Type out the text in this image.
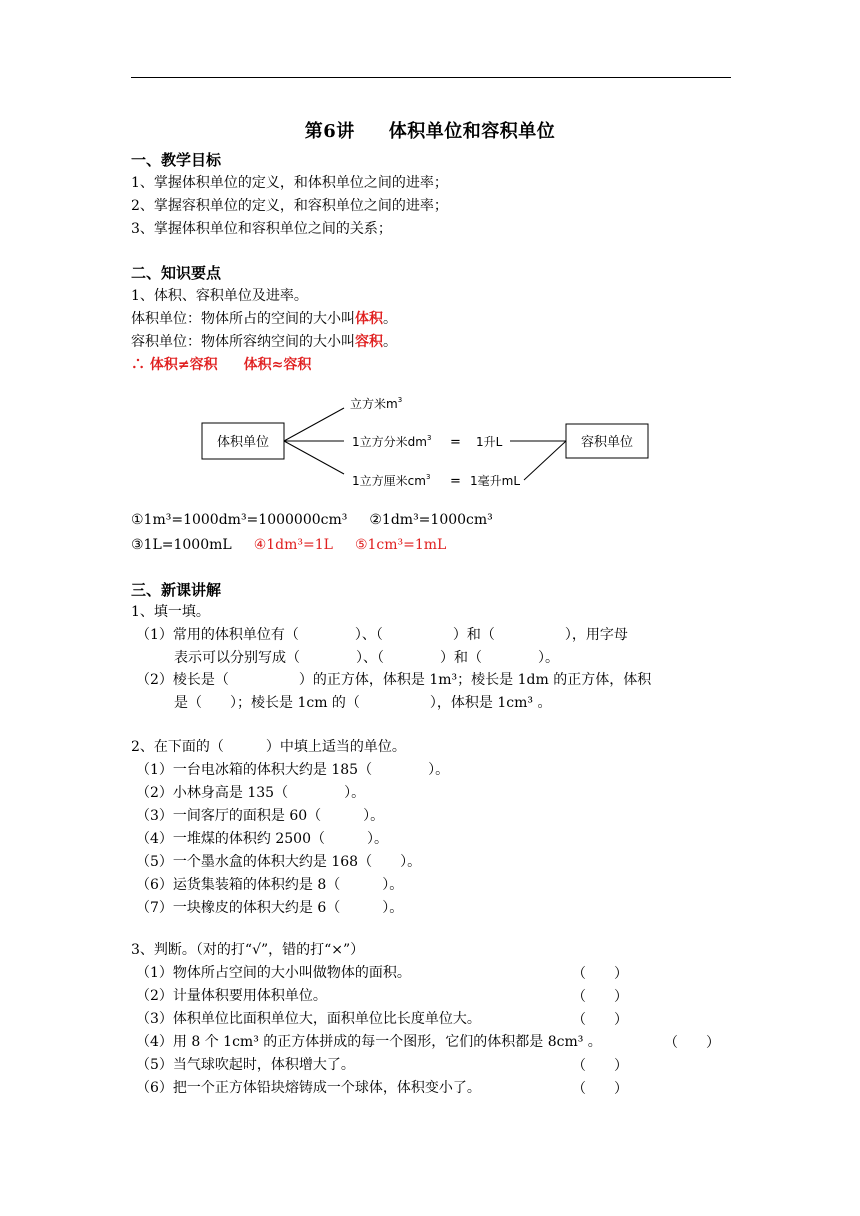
第6讲 体积单位和容积单位
一、教学目标
1、掌握体积单位的定义，和体积单位之间的进率；
2、掌握容积单位的定义，和容积单位之间的进率；
3、掌握体积单位和容积单位之间的关系；
二、知识要点
1、体积、容积单位及进率。
体积单位：物体所占的空间的大小叫体积。
容积单位：物体所容纳空间的大小叫容积。
∴ 体积≠容积 体积≈容积
体积单位
立方米$m^3$
1立方分米$dm^3 = 1$升L
1立方厘米$cm^3 = 1$毫升mL
容积单位
①1m³=1000dm³=1000000cm³ ②1dm³=1000cm³
③1L=1000mL ④1dm³=1L ⑤1cm³=1mL
三、新课讲解
1、填一填。
（1）常用的体积单位有（　　　　）、（　　　　　）和（　　　　　），用字母
表示可以分别写成（　　　　）、（　　　　）和（　　　　）。
（2）棱长是（　　　　　）的正方体，体积是 1m³；棱长是 1dm 的正方体，体积
是（　　）；棱长是 1cm 的（　　　　　），体积是 1cm³ 。
2、在下面的（　　　）中填上适当的单位。
（1）一台电冰箱的体积大约是 185（　　　　）。
（2）小林身高是 135（　　　　）。
（3）一间客厅的面积是 60（　　　）。
（4）一堆煤的体积约 2500（　　　）。
（5）一个墨水盒的体积大约是 168（　　）。
（6）运货集装箱的体积约是 8（　　　）。
（7）一块橡皮的体积大约是 6（　　　）。
3、判断。（对的打“√”，错的打“×”）
（1）物体所占空间的大小叫做物体的面积。	（　　）
（2）计量体积要用体积单位。	（　　）
（3）体积单位比面积单位大，面积单位比长度单位大。	（　　）
（4）用 8 个 1cm³ 的正方体拼成的每一个图形，它们的体积都是 8cm³ 。	（　　）
（5）当气球吹起时，体积增大了。	（　　）
（6）把一个正方体铅块熔铸成一个球体，体积变小了。	（　　）
